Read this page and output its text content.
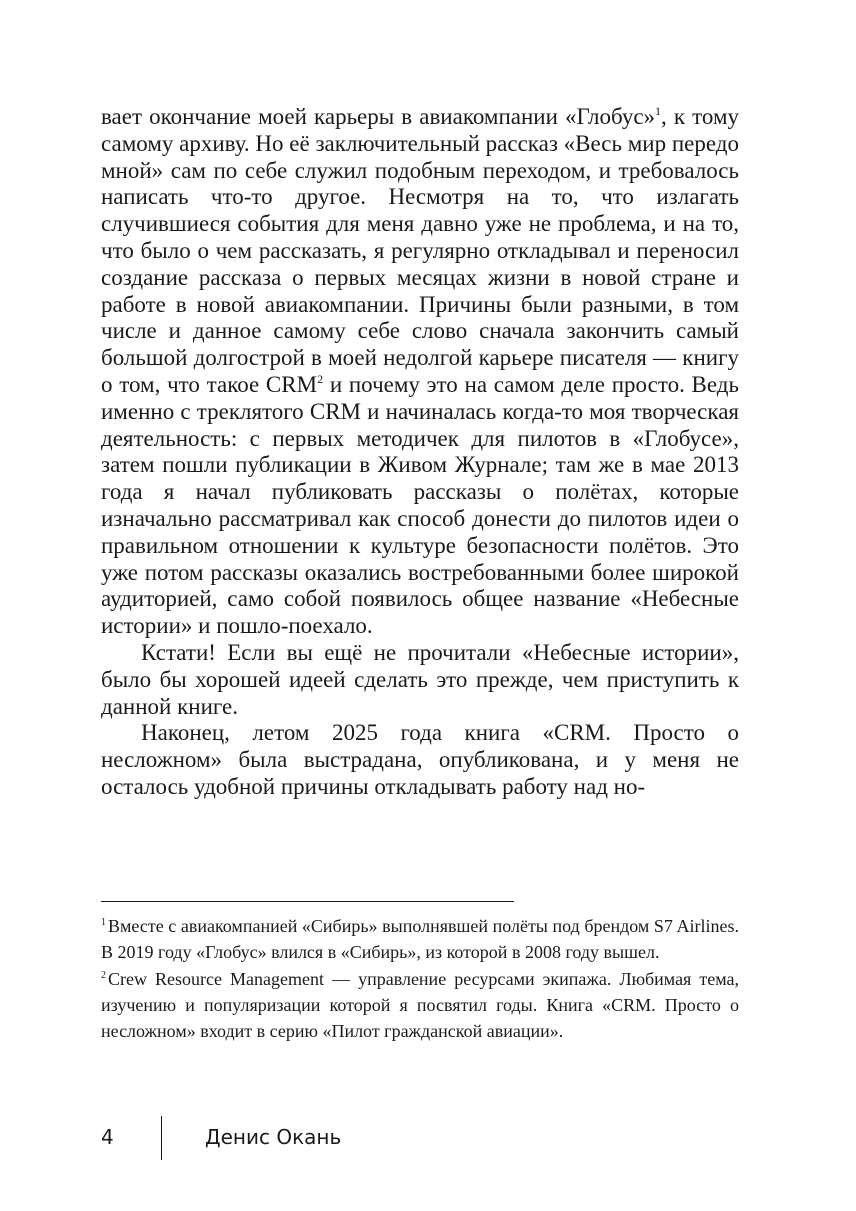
вает окончание моей карьеры в авиакомпании «Глобус»$^1$, к тому самому архиву. Но её заключительный рассказ «Весь мир передо мной» сам по себе служил подобным переходом, и требовалось написать что-то другое. Несмотря на то, что излагать случившиеся события для меня давно уже не проблема, и на то, что было о чем рассказать, я регулярно откладывал и переносил создание рассказа о первых месяцах жизни в новой стране и работе в новой авиакомпании. Причины были разными, в том числе и данное самому себе слово сначала закончить самый большой долгострой в моей недолгой карьере писателя — книгу о том, что такое CRM$^2$ и почему это на самом деле просто. Ведь именно с треклятого CRM и начиналась когда-то моя творческая деятельность: с первых методичек для пилотов в «Глобусе», затем пошли публикации в Живом Журнале; там же в мае 2013 года я начал публиковать рассказы о полётах, которые изначально рассматривал как способ донести до пилотов идеи о правильном отношении к культуре безопасности полётов. Это уже потом рассказы оказались востребованными более широкой аудиторией, само собой появилось общее название «Небесные истории» и пошло-поехало.

Кстати! Если вы ещё не прочитали «Небесные истории», было бы хорошей идеей сделать это прежде, чем приступить к данной книге.

Наконец, летом 2025 года книга «CRM. Просто о несложном» была выстрадана, опубликована, и у меня не осталось удобной причины откладывать работу над но-

$^1$ Вместе с авиакомпанией «Сибирь» выполнявшей полёты под брендом S7 Airlines. В 2019 году «Глобус» влился в «Сибирь», из которой в 2008 году вышел.

$^2$ Crew Resource Management — управление ресурсами экипажа. Любимая тема, изучению и популяризации которой я посвятил годы. Книга «CRM. Просто о несложном» входит в серию «Пилот гражданской авиации».

4	Денис Окань
